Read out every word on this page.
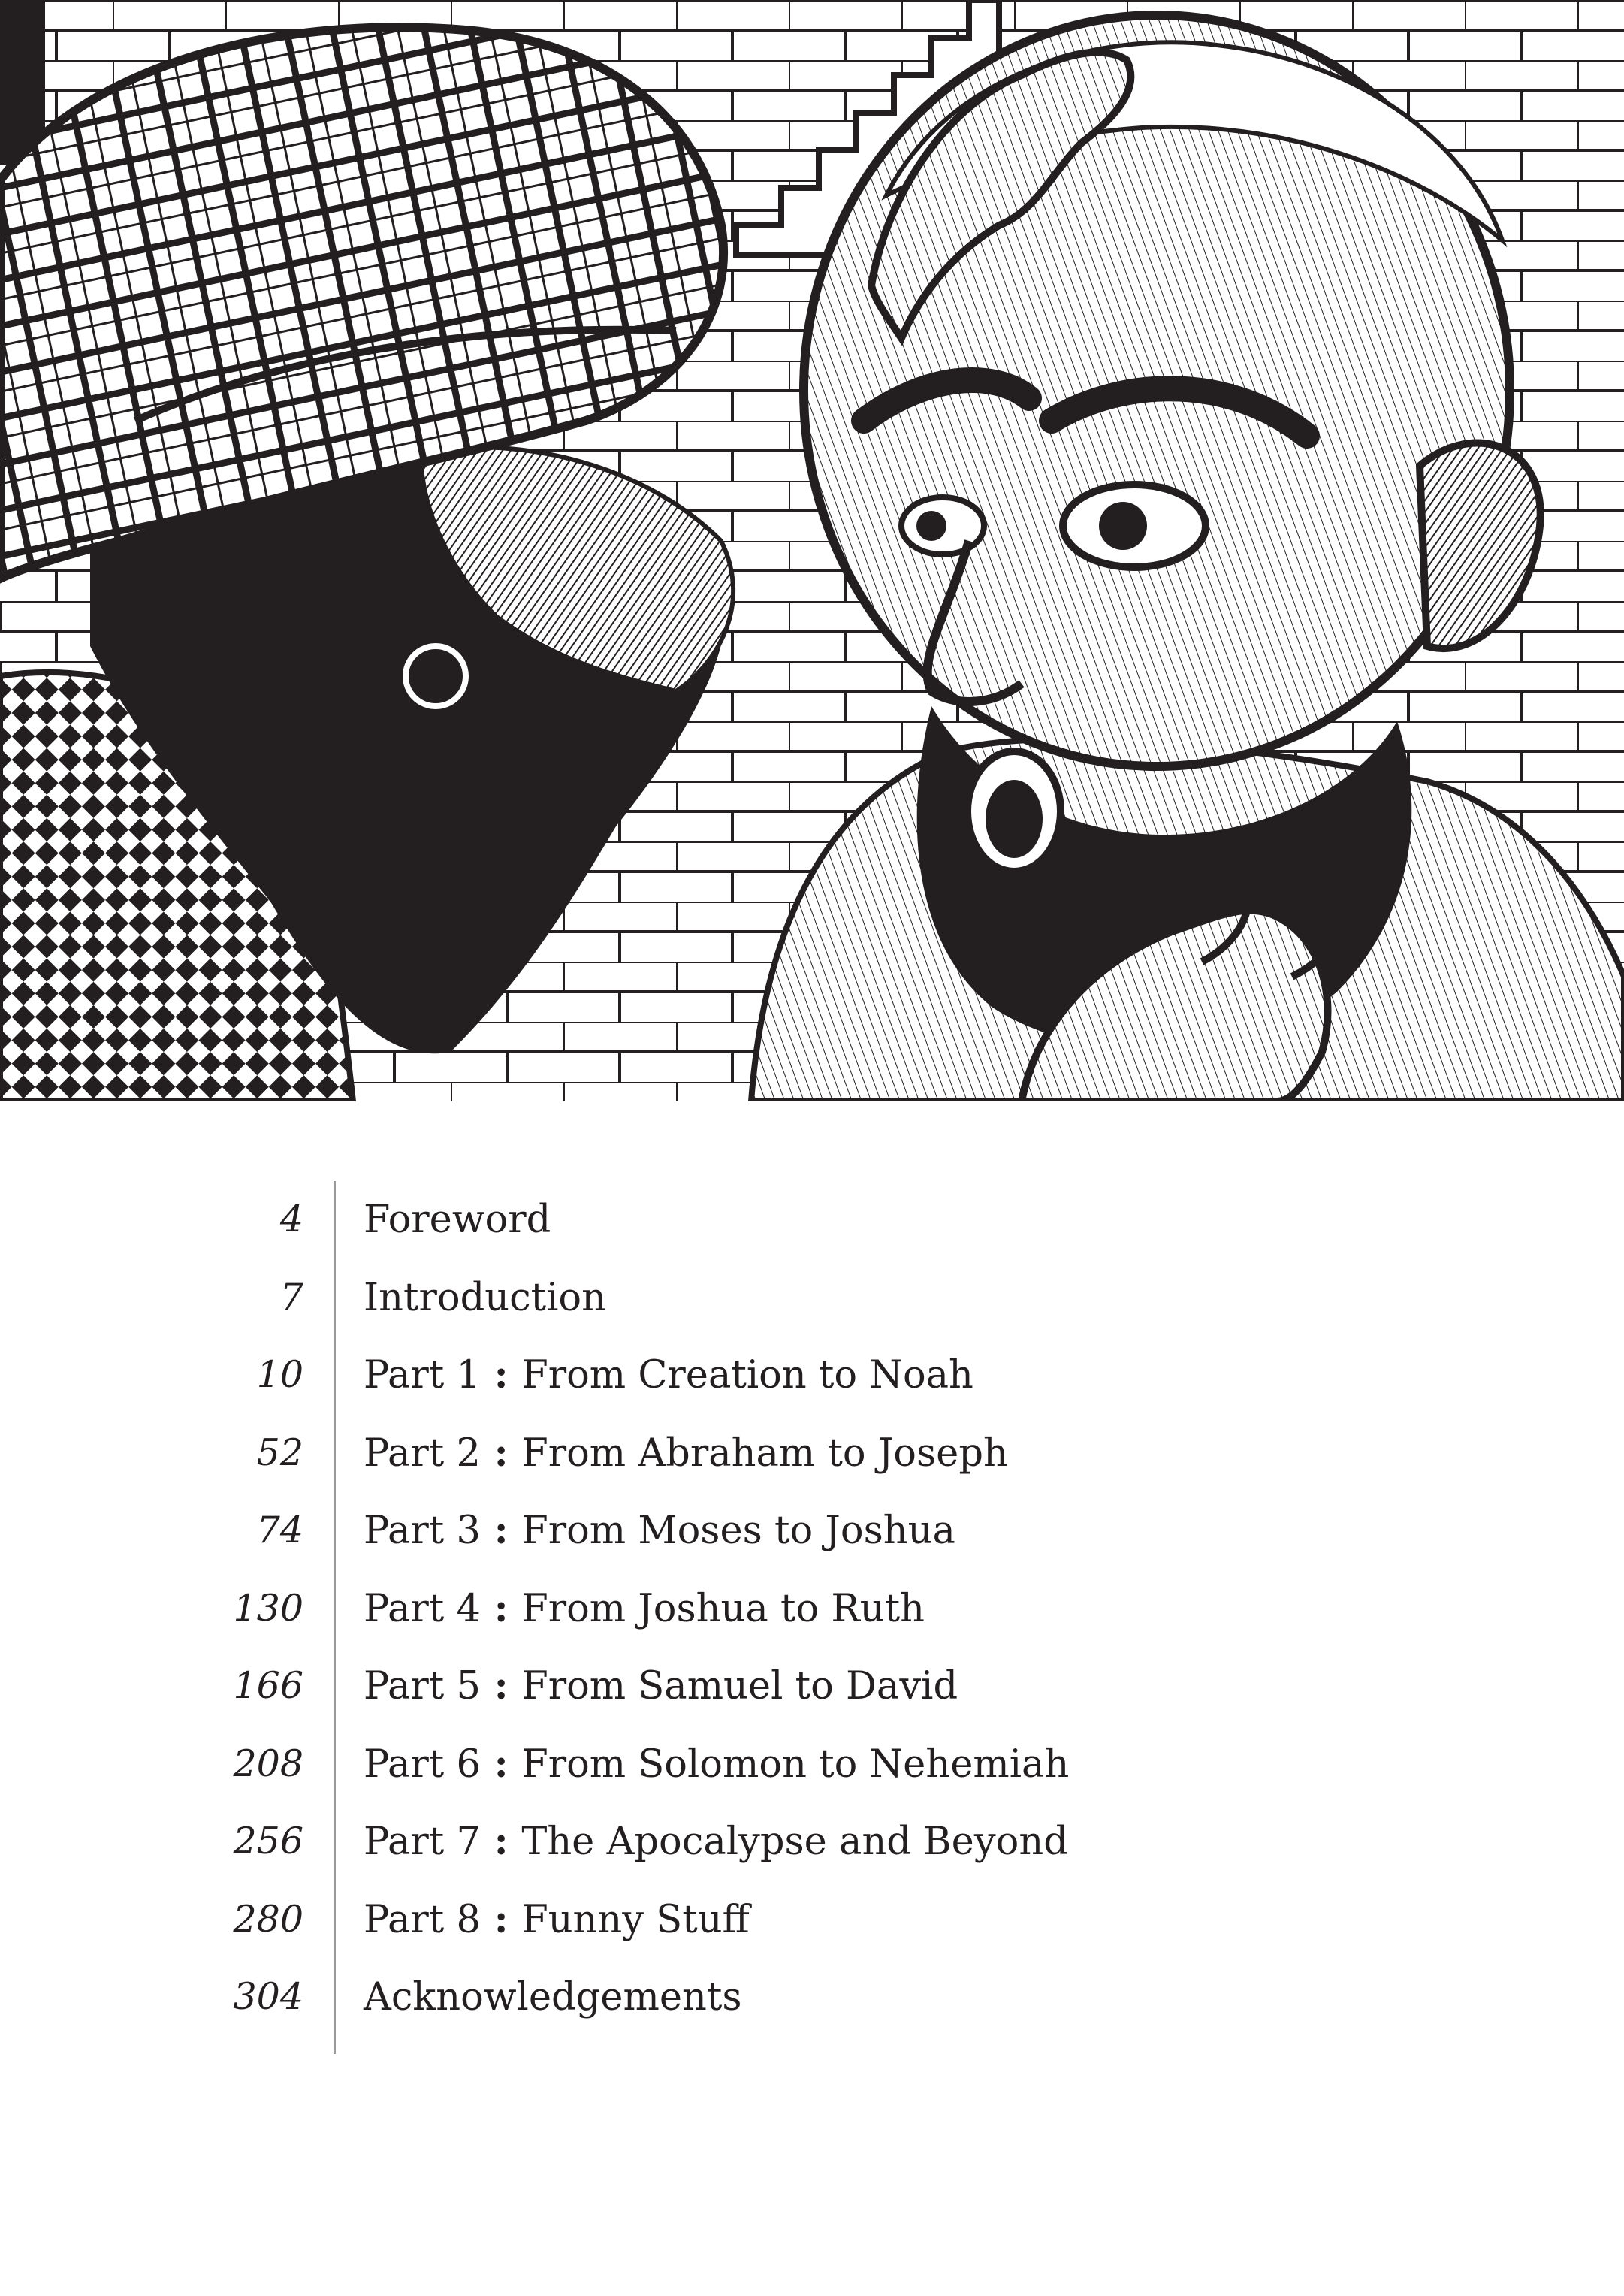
4 Foreword
7 Introduction
10 Part 1 : From Creation to Noah
52 Part 2 : From Abraham to Joseph
74 Part 3 : From Moses to Joshua
130 Part 4 : From Joshua to Ruth
166 Part 5 : From Samuel to David
208 Part 6 : From Solomon to Nehemiah
256 Part 7 : The Apocalypse and Beyond
280 Part 8 : Funny Stuff
304 Acknowledgements
